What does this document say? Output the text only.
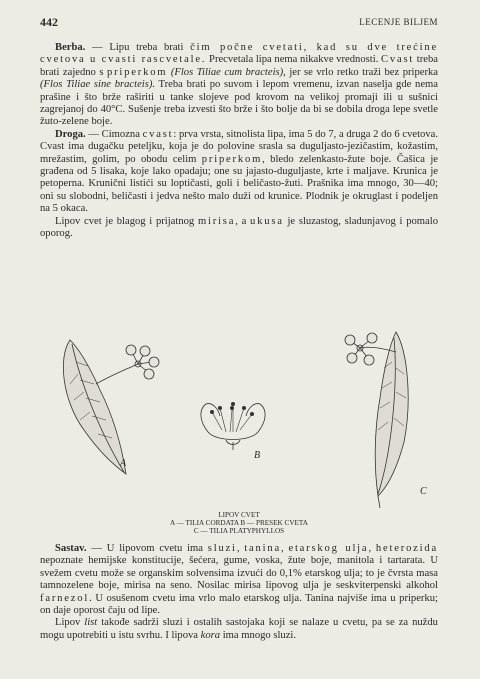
442	LECENJE BILJEM

Berba. — Lipu treba brati čim počne cvetati, kad su dve trećine cvetova u cvasti rascvetale. Precvetala lipa nema nikakve vrednosti. Cvast treba brati zajedno s priperkom (Flos Tiliae cum bracteis), jer se vrlo retko traži bez priperka (Flos Tiliae sine bracteis). Treba brati po suvom i lepom vremenu, izvan naselja gde nema prašine i što brže raširiti u tanke slojeve pod krovom na velikoj promaji ili u sušnici zagrejanoj do 40°C. Sušenje treba izvesti što brže i što bolje da bi se dobila droga lepe svetle žuto-zelene boje.

Droga. — Cimozna cvast: prva vrsta, sitnolista lipa, ima 5 do 7, a druga 2 do 6 cvetova. Cvast ima dugačku peteljku, koja je do polovine srasla sa duguljasto-jezičastim, kožastim, mrežastim, golim, po obodu celim priperkom, bledo zelenkasto-žute boje. Čašica je građena od 5 lisaka, koje lako opadaju; one su jajasto-duguljaste, krte i maljave. Krunica je petoperna. Krunični listići su loptičasti, goli i beličasto-žuti. Prašnika ima mnogo, 30—40; oni su slobodni, beličasti i jedva nešto malo duži od krunice. Plodnik je okruglast i podeljen na 5 okaca.

Lipov cvet je blagog i prijatnog mirisa, a ukusa je sluzastog, sladunjavog i pomalo oporog.

A
B
C
LIPOV CVET
A — TILIA CORDATA B — PRESEK CVETA
C — TILIA PLATYPHYLLOS

Sastav. — U lipovom cvetu ima sluzi, tanina, etarskog ulja, heterozida nepoznate hemijske konstitucije, šećera, gume, voska, žute boje, manitola i tartarata. U svežem cvetu može se organskim solvensima izvući do 0,1% etarskog ulja; to je čvrsta masa tamnozelene boje, mirisa na seno. Nosilac mirisa lipovog ulja je seskviterpenski alkohol farnezol. U osušenom cvetu ima vrlo malo etarskog ulja. Tanina najviše ima u priperku; on daje oporost čaju od lipe.

Lipov list takođe sadrži sluzi i ostalih sastojaka koji se nalaze u cvetu, pa se za nuždu mogu upotrebiti u istu svrhu. I lipova kora ima mnogo sluzi.
